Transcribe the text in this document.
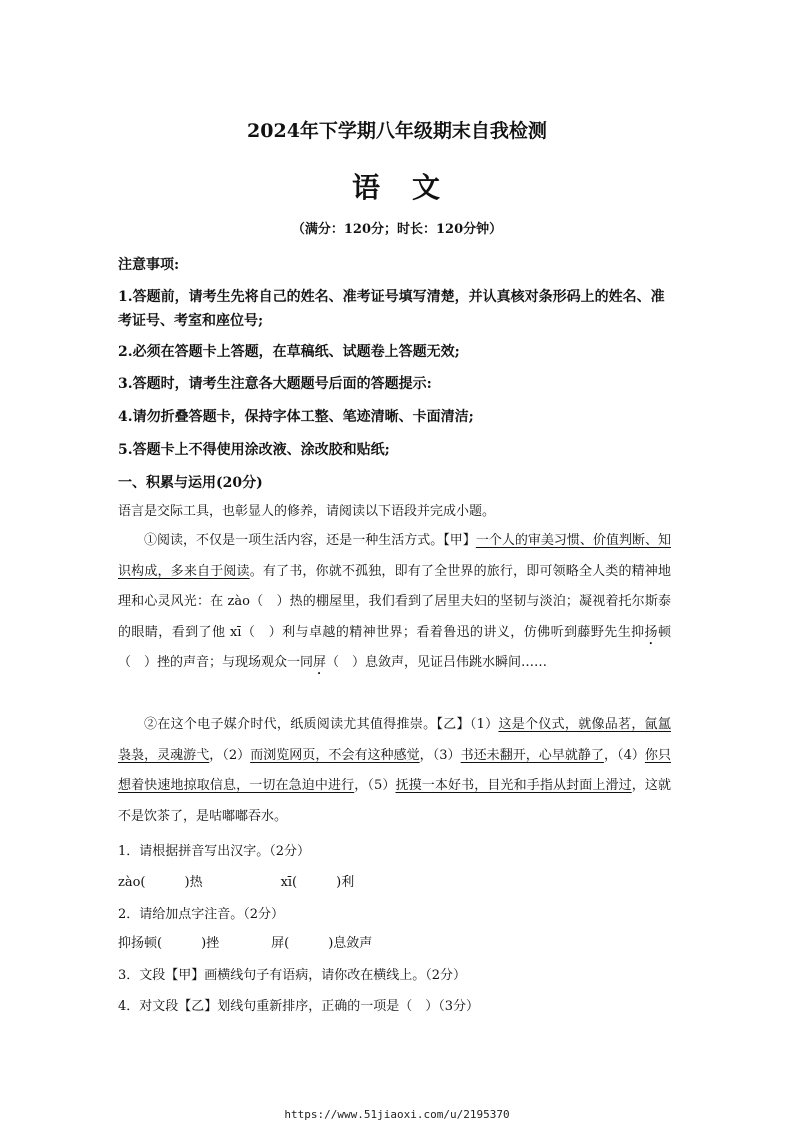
2024年下学期八年级期末自我检测
语　文
（满分：120分；时长：120分钟）
注意事项:
1.答题前，请考生先将自己的姓名、准考证号填写清楚，并认真核对条形码上的姓名、准考证号、考室和座位号;
2.必须在答题卡上答题，在草稿纸、试题卷上答题无效;
3.答题时，请考生注意各大题题号后面的答题提示:
4.请勿折叠答题卡，保持字体工整、笔迹清晰、卡面清洁;
5.答题卡上不得使用涂改液、涂改胶和贴纸;
一、积累与运用(20分)
语言是交际工具，也彰显人的修养，请阅读以下语段并完成小题。
①阅读，不仅是一项生活内容，还是一种生活方式。【甲】一个人的审美习惯、价值判断、知识构成，多来自于阅读。有了书，你就不孤独，即有了全世界的旅行，即可领略全人类的精神地理和心灵风光：在 zào（　）热的棚屋里，我们看到了居里夫妇的坚韧与淡泊；凝视着托尔斯泰的眼睛，看到了他 xī（　）利与卓越的精神世界；看着鲁迅的讲义，仿佛听到藤野先生抑扬顿（　）挫的声音；与现场观众一同屏（　）息敛声，见证吕伟跳水瞬间……
②在这个电子媒介时代，纸质阅读尤其值得推崇。【乙】（1）这是个仪式，就像品茗，氤氲袅袅，灵魂游弋，（2）而浏览网页，不会有这种感觉，（3）书还未翻开，心早就静了，（4）你只想着快速地掠取信息，一切在急迫中进行，（5）抚摸一本好书，目光和手指从封面上滑过，这就不是饮茶了，是咕嘟嘟吞水。
1．请根据拼音写出汉字。（2分）
zào(　　　)热　　　　　　xī(　　　)利
2．请给加点字注音。（2分）
抑扬顿(　　　)挫　　　　屏(　　　)息敛声
3．文段【甲】画横线句子有语病，请你改在横线上。（2分）
4．对文段【乙】划线句重新排序，正确的一项是（　）（3分）
https://www.51jiaoxi.com/u/2195370
